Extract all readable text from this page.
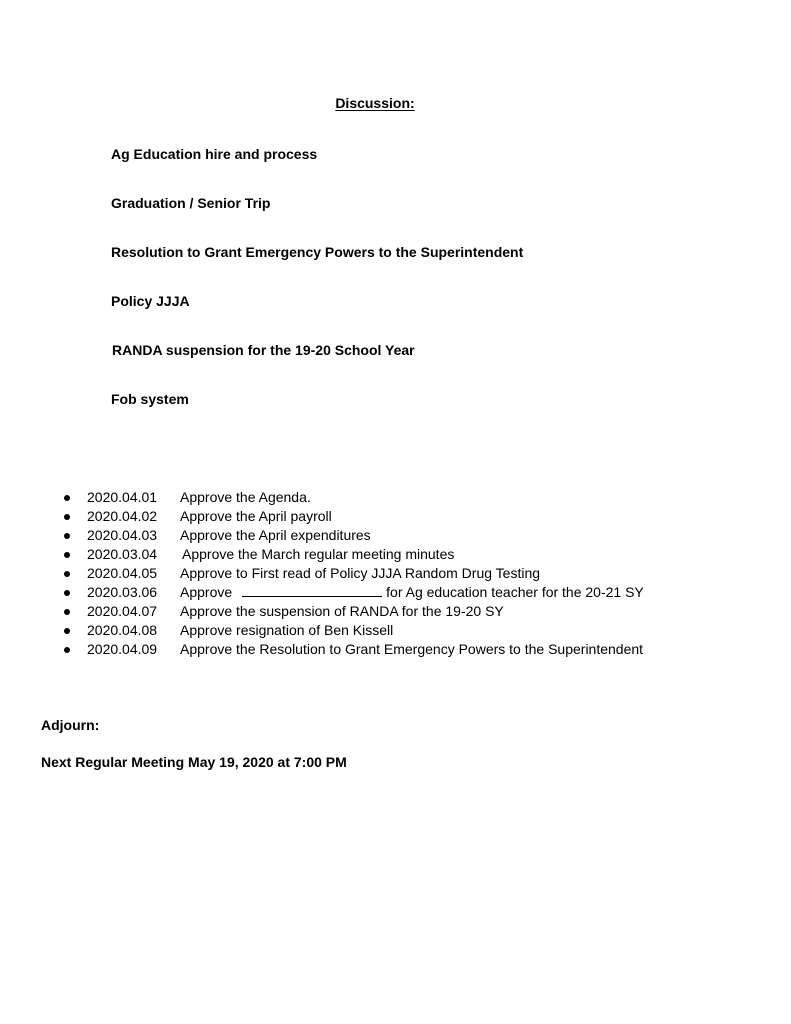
Discussion:
Ag Education hire and process
Graduation / Senior Trip
Resolution to Grant Emergency Powers to the Superintendent
Policy JJJA
RANDA suspension for the 19-20 School Year
Fob system
2020.04.01 Approve the Agenda.
2020.04.02 Approve the April payroll
2020.04.03 Approve the April expenditures
2020.03.04 Approve the March regular meeting minutes
2020.04.05 Approve to First read of Policy JJJA Random Drug Testing
2020.03.06 Approve	for Ag education teacher for the 20-21 SY
2020.04.07 Approve the suspension of RANDA for the 19-20 SY
2020.04.08 Approve resignation of Ben Kissell
2020.04.09 Approve the Resolution to Grant Emergency Powers to the Superintendent
Adjourn:
Next Regular Meeting May 19, 2020 at 7:00 PM
